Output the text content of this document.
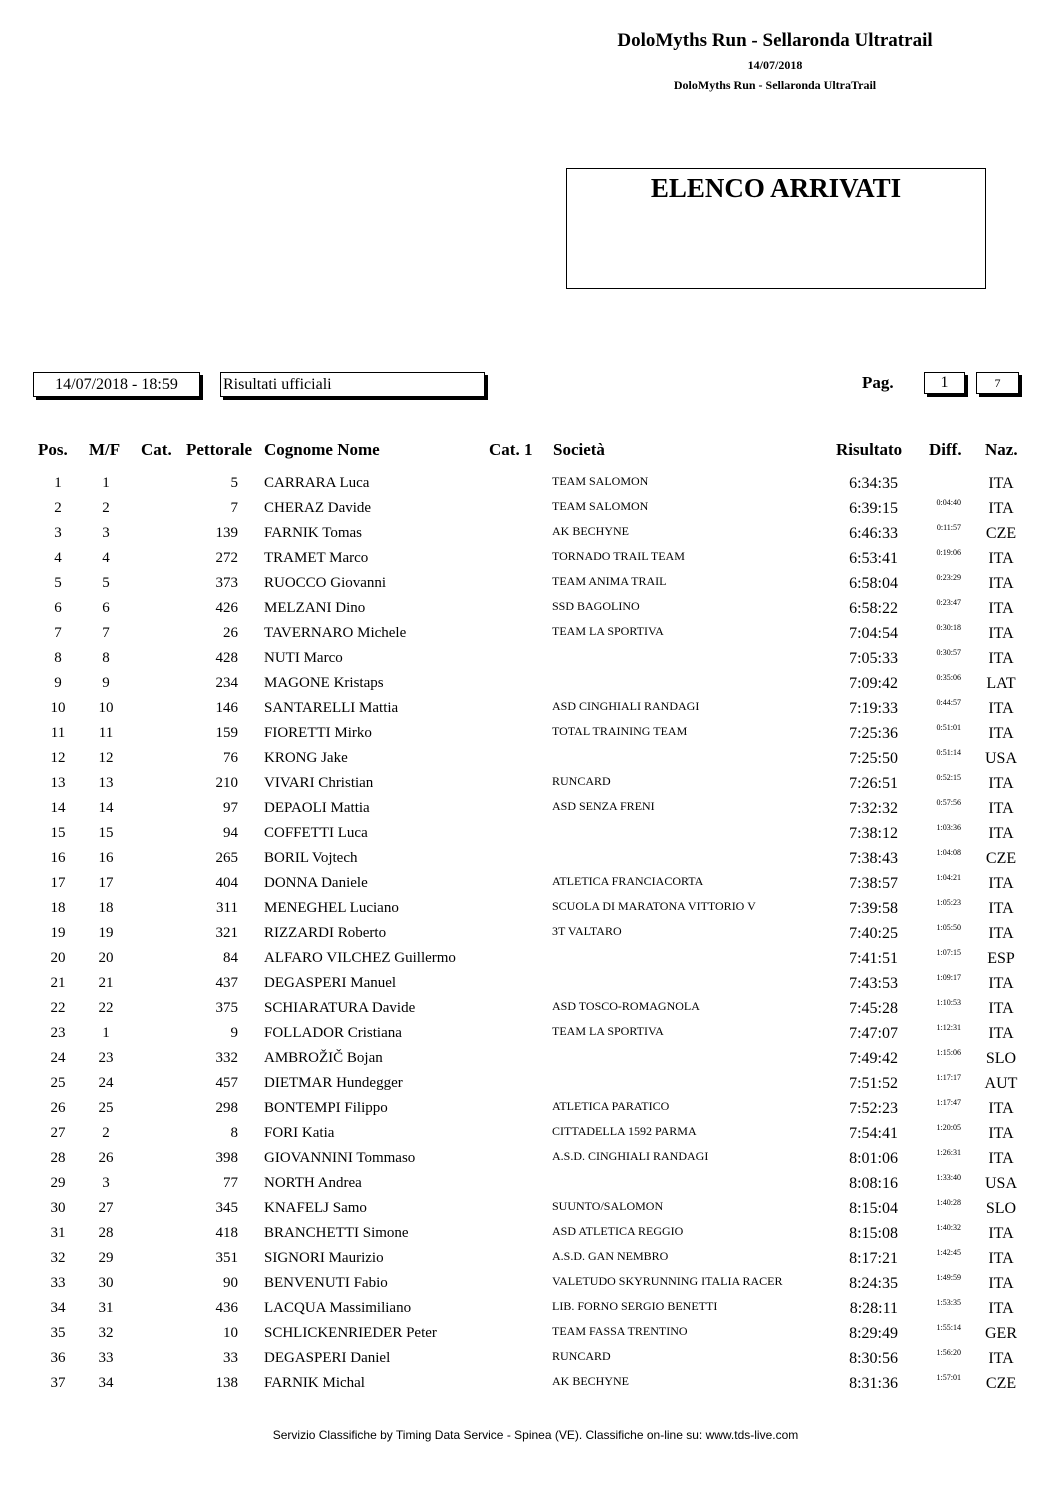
DoloMyths Run - Sellaronda Ultratrail
14/07/2018
DoloMyths Run - Sellaronda UltraTrail
ELENCO ARRIVATI
14/07/2018 - 18:59	Risultati ufficiali	Pag.	1	7
Pos. M/F Cat. Pettorale Cognome Nome	Cat. 1 Società	Risultato Diff. Naz.
1	1	5 CARRARA Luca	TEAM SALOMON	6:34:35	ITA
2	2	7 CHERAZ Davide	TEAM SALOMON	6:39:15	0:04:40	ITA
3	3	139 FARNIK Tomas	AK BECHYNE	6:46:33	0:11:57	CZE
4	4	272 TRAMET Marco	TORNADO TRAIL TEAM	6:53:41	0:19:06	ITA
5	5	373 RUOCCO Giovanni	TEAM ANIMA TRAIL	6:58:04	0:23:29	ITA
6	6	426 MELZANI Dino	SSD BAGOLINO	6:58:22	0:23:47	ITA
7	7	26 TAVERNARO Michele	TEAM LA SPORTIVA	7:04:54	0:30:18	ITA
8	8	428 NUTI Marco	7:05:33	0:30:57	ITA
9	9	234 MAGONE Kristaps	7:09:42	0:35:06	LAT
10	10	146 SANTARELLI Mattia	ASD CINGHIALI RANDAGI	7:19:33	0:44:57	ITA
11	11	159 FIORETTI Mirko	TOTAL TRAINING TEAM	7:25:36	0:51:01	ITA
12	12	76 KRONG Jake	7:25:50	0:51:14	USA
13	13	210 VIVARI Christian	RUNCARD	7:26:51	0:52:15	ITA
14	14	97 DEPAOLI Mattia	ASD SENZA FRENI	7:32:32	0:57:56	ITA
15	15	94 COFFETTI Luca	7:38:12	1:03:36	ITA
16	16	265 BORIL Vojtech	7:38:43	1:04:08	CZE
17	17	404 DONNA Daniele	ATLETICA FRANCIACORTA	7:38:57	1:04:21	ITA
18	18	311 MENEGHEL Luciano	SCUOLA DI MARATONA VITTORIO V	7:39:58	1:05:23	ITA
19	19	321 RIZZARDI Roberto	3T VALTARO	7:40:25	1:05:50	ITA
20	20	84 ALFARO VILCHEZ Guillermo	7:41:51	1:07:15	ESP
21	21	437 DEGASPERI Manuel	7:43:53	1:09:17	ITA
22	22	375 SCHIARATURA Davide	ASD TOSCO-ROMAGNOLA	7:45:28	1:10:53	ITA
23	1	9 FOLLADOR Cristiana	TEAM LA SPORTIVA	7:47:07	1:12:31	ITA
24	23	332 AMBROŽIČ Bojan	7:49:42	1:15:06	SLO
25	24	457 DIETMAR Hundegger	7:51:52	1:17:17 AUT
26	25	298 BONTEMPI Filippo	ATLETICA PARATICO	7:52:23	1:17:47	ITA
27	2	8 FORI Katia	CITTADELLA 1592 PARMA	7:54:41	1:20:05	ITA
28	26	398 GIOVANNINI Tommaso	A.S.D. CINGHIALI RANDAGI	8:01:06	1:26:31	ITA
29	3	77 NORTH Andrea	8:08:16	1:33:40	USA
30	27	345 KNAFELJ Samo	SUUNTO/SALOMON	8:15:04	1:40:28	SLO
31	28	418 BRANCHETTI Simone	ASD ATLETICA REGGIO	8:15:08	1:40:32	ITA
32	29	351 SIGNORI Maurizio	A.S.D. GAN NEMBRO	8:17:21	1:42:45	ITA
33	30	90 BENVENUTI Fabio	VALETUDO SKYRUNNING ITALIA RACER	8:24:35	1:49:59	ITA
34	31	436 LACQUA Massimiliano	LIB. FORNO SERGIO BENETTI	8:28:11	1:53:35	ITA
35	32	10 SCHLICKENRIEDER Peter	TEAM FASSA TRENTINO	8:29:49	1:55:14	GER
36	33	33 DEGASPERI Daniel	RUNCARD	8:30:56	1:56:20	ITA
37	34	138 FARNIK Michal	AK BECHYNE	8:31:36	1:57:01	CZE
Servizio Classifiche by Timing Data Service - Spinea (VE). Classifiche on-line su: www.tds-live.com
